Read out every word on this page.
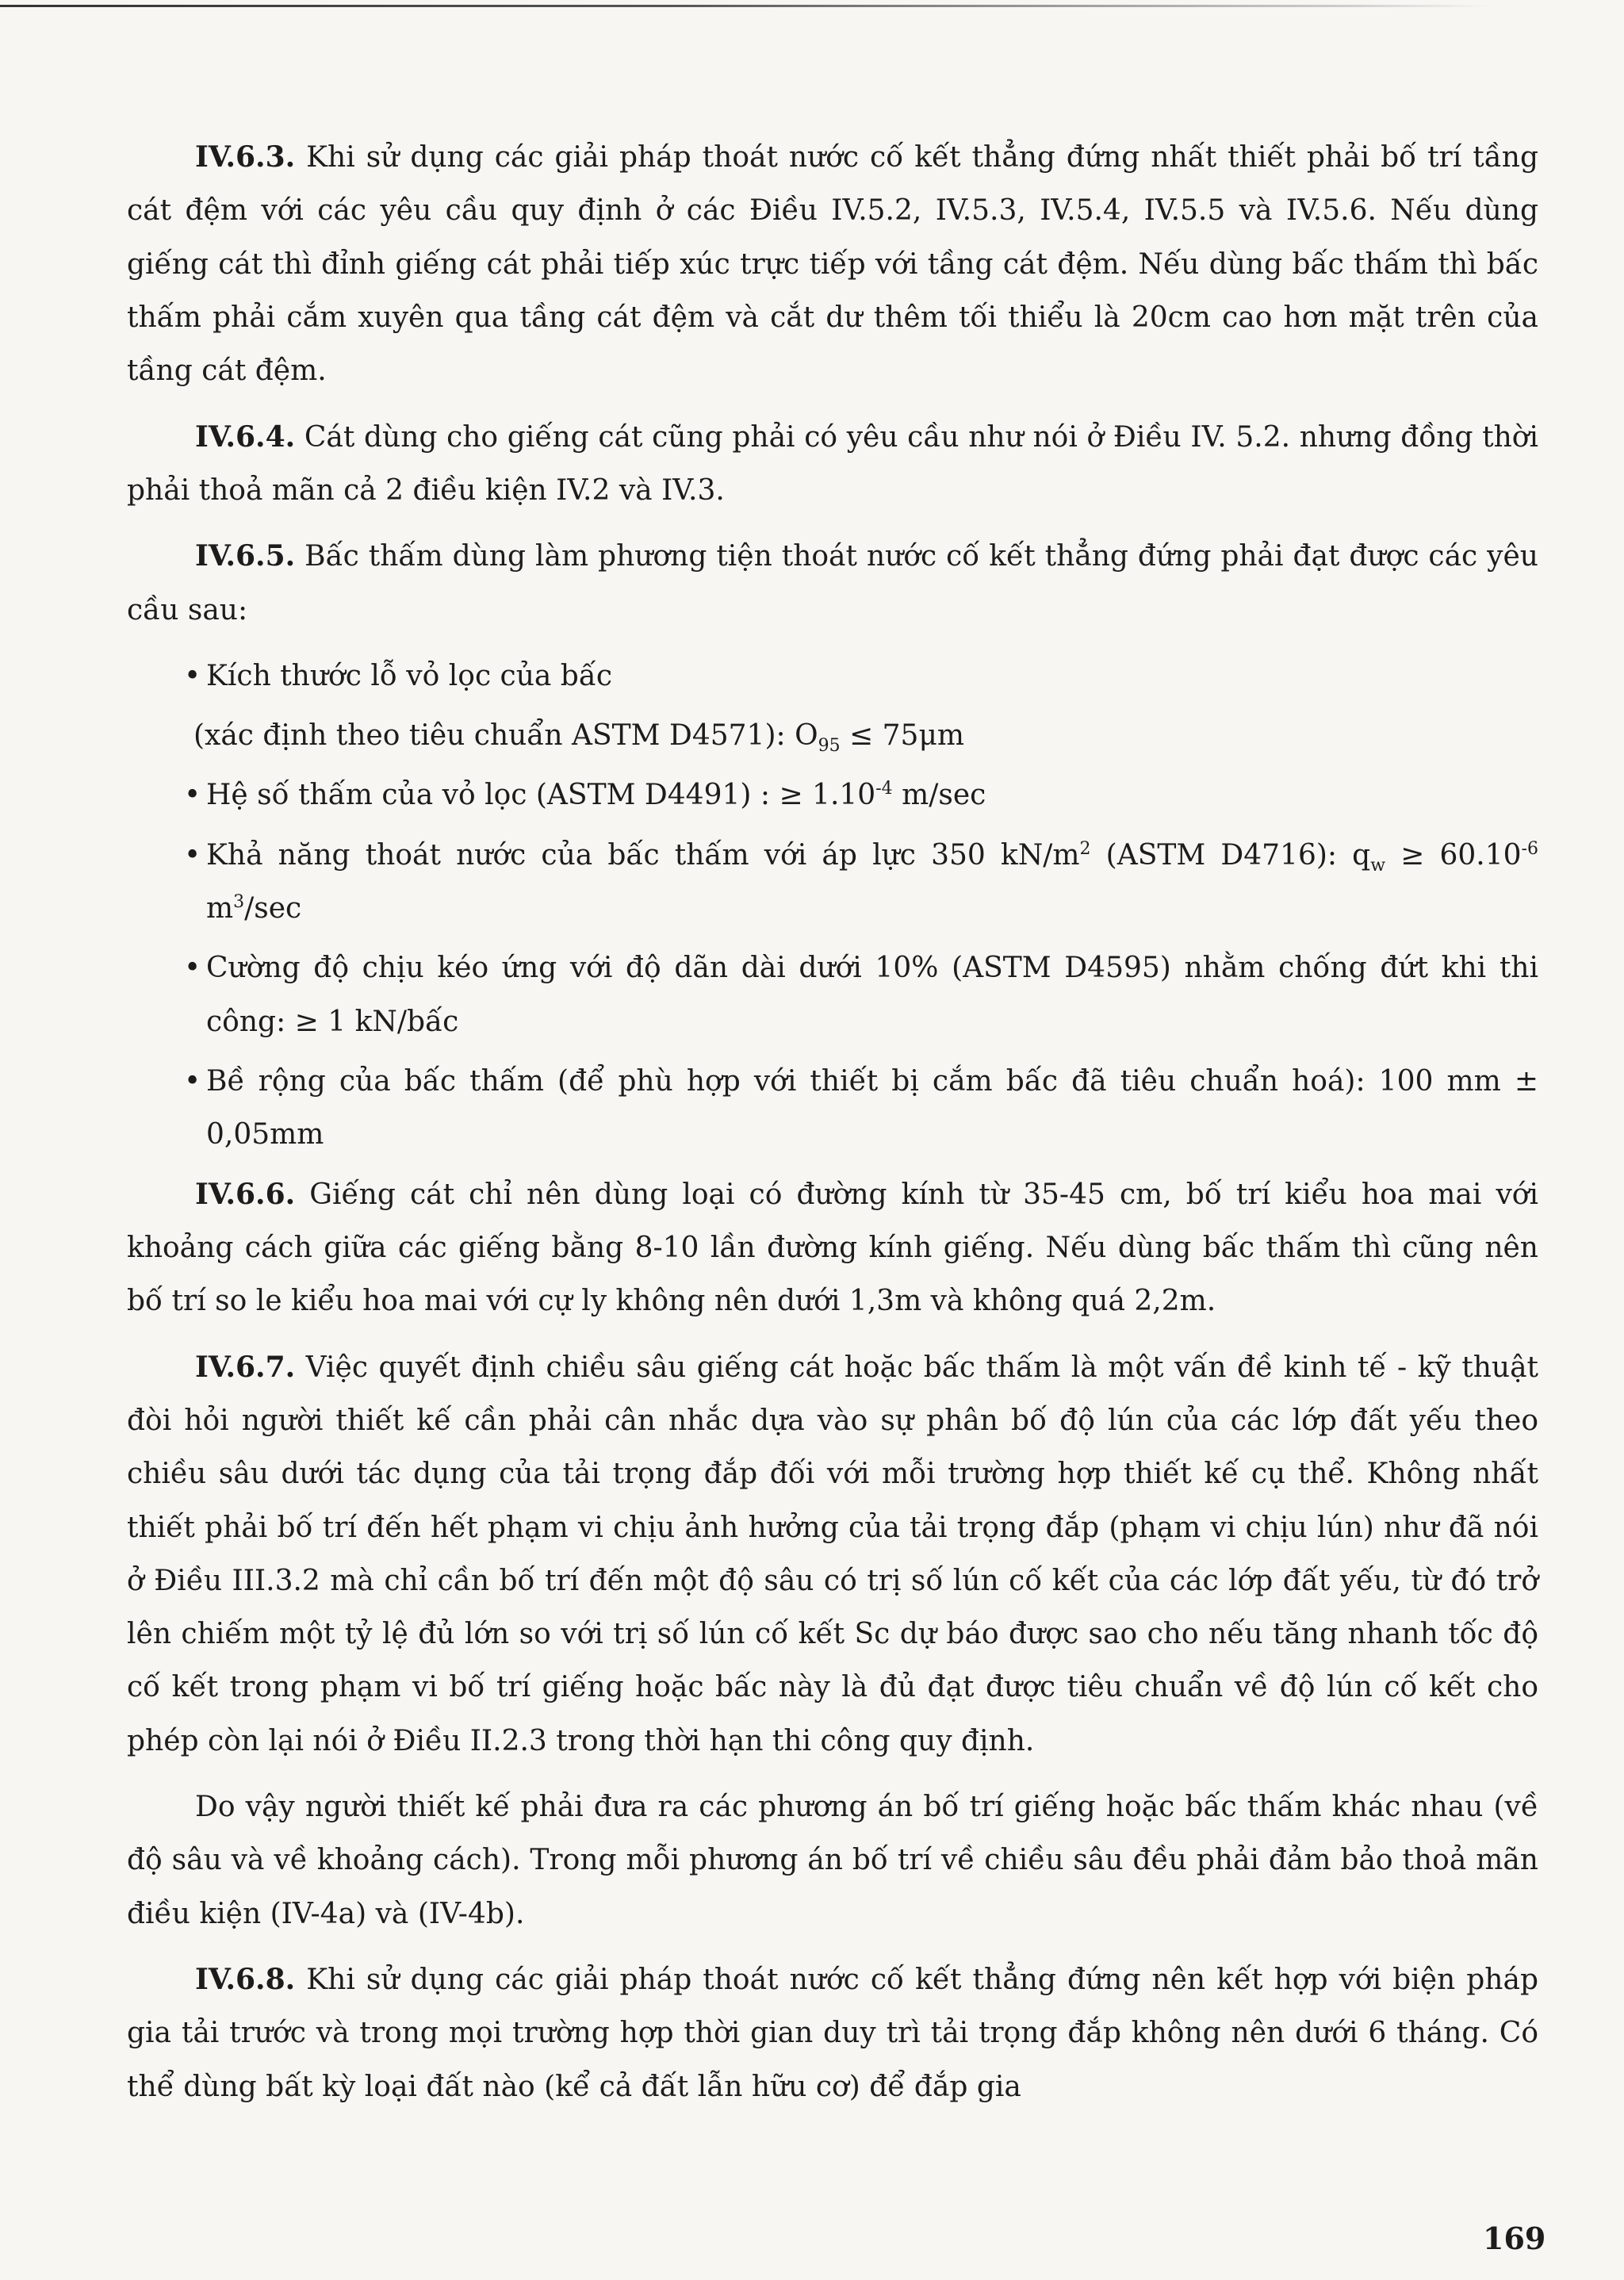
IV.6.3. Khi sử dụng các giải pháp thoát nước cố kết thẳng đứng nhất thiết phải bố trí tầng cát đệm với các yêu cầu quy định ở các Điều IV.5.2, IV.5.3, IV.5.4, IV.5.5 và IV.5.6. Nếu dùng giếng cát thì đỉnh giếng cát phải tiếp xúc trực tiếp với tầng cát đệm. Nếu dùng bấc thấm thì bấc thấm phải cắm xuyên qua tầng cát đệm và cắt dư thêm tối thiểu là 20cm cao hơn mặt trên của tầng cát đệm.

IV.6.4. Cát dùng cho giếng cát cũng phải có yêu cầu như nói ở Điều IV. 5.2. nhưng đồng thời phải thoả mãn cả 2 điều kiện IV.2 và IV.3.

IV.6.5. Bấc thấm dùng làm phương tiện thoát nước cố kết thẳng đứng phải đạt được các yêu cầu sau:

• Kích thước lỗ vỏ lọc của bấc

(xác định theo tiêu chuẩn ASTM D4571): $O_{95} \le 75\mu m$

• Hệ số thấm của vỏ lọc (ASTM D4491) : ≥ $1.10^{-4}$ m/sec

• Khả năng thoát nước của bấc thấm với áp lực 350 $kN/m^2$ (ASTM D4716): $q_w \ge 60.10^{-6}$ $m^3/\sec$

• Cường độ chịu kéo ứng với độ dãn dài dưới 10% (ASTM D4595) nhằm chống đứt khi thi công: ≥ 1 kN/bấc

• Bề rộng của bấc thấm (để phù hợp với thiết bị cắm bấc đã tiêu chuẩn hoá): 100 mm ± 0,05mm

IV.6.6. Giếng cát chỉ nên dùng loại có đường kính từ 35-45 cm, bố trí kiểu hoa mai với khoảng cách giữa các giếng bằng 8-10 lần đường kính giếng. Nếu dùng bấc thấm thì cũng nên bố trí so le kiểu hoa mai với cự ly không nên dưới 1,3m và không quá 2,2m.

IV.6.7. Việc quyết định chiều sâu giếng cát hoặc bấc thấm là một vấn đề kinh tế - kỹ thuật đòi hỏi người thiết kế cần phải cân nhắc dựa vào sự phân bố độ lún của các lớp đất yếu theo chiều sâu dưới tác dụng của tải trọng đắp đối với mỗi trường hợp thiết kế cụ thể. Không nhất thiết phải bố trí đến hết phạm vi chịu ảnh hưởng của tải trọng đắp (phạm vi chịu lún) như đã nói ở Điều III.3.2 mà chỉ cần bố trí đến một độ sâu có trị số lún cố kết của các lớp đất yếu, từ đó trở lên chiếm một tỷ lệ đủ lớn so với trị số lún cố kết Sc dự báo được sao cho nếu tăng nhanh tốc độ cố kết trong phạm vi bố trí giếng hoặc bấc này là đủ đạt được tiêu chuẩn về độ lún cố kết cho phép còn lại nói ở Điều II.2.3 trong thời hạn thi công quy định.

Do vậy người thiết kế phải đưa ra các phương án bố trí giếng hoặc bấc thấm khác nhau (về độ sâu và về khoảng cách). Trong mỗi phương án bố trí về chiều sâu đều phải đảm bảo thoả mãn điều kiện (IV-4a) và (IV-4b).

IV.6.8. Khi sử dụng các giải pháp thoát nước cố kết thẳng đứng nên kết hợp với biện pháp gia tải trước và trong mọi trường hợp thời gian duy trì tải trọng đắp không nên dưới 6 tháng. Có thể dùng bất kỳ loại đất nào (kể cả đất lẫn hữu cơ) để đắp gia

169
